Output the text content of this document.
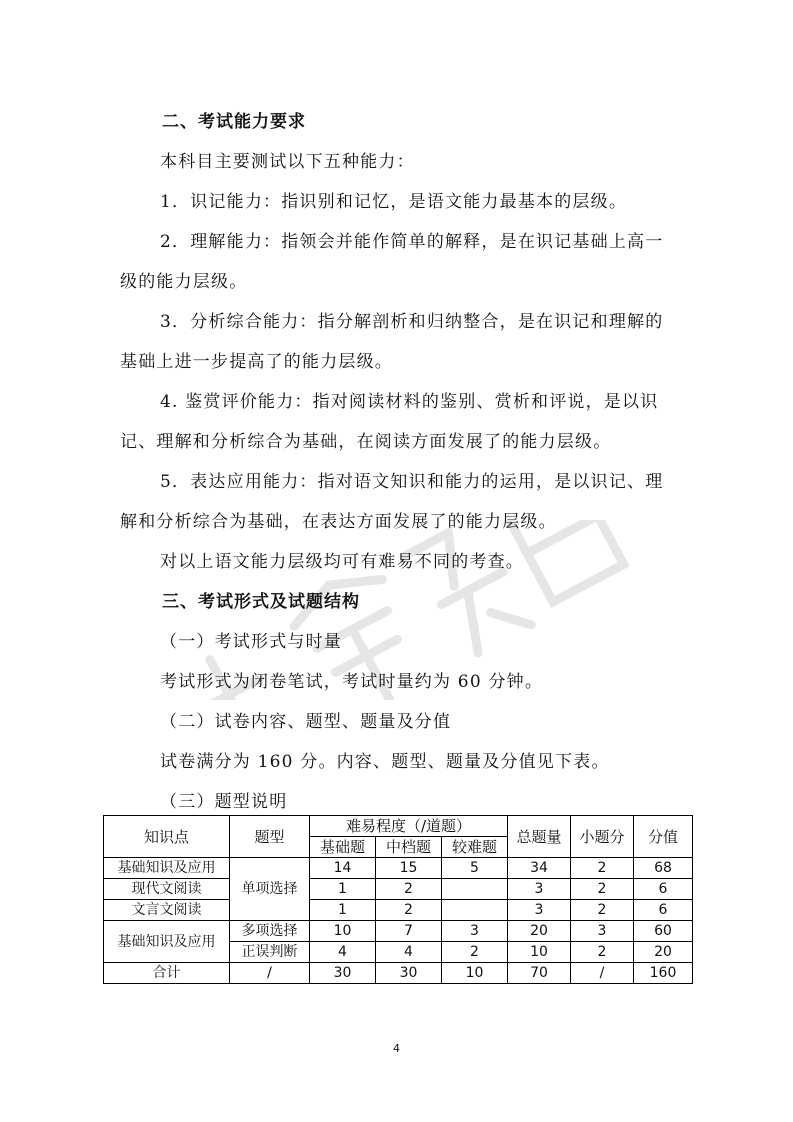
二、考试能力要求
本科目主要测试以下五种能力：
1．识记能力：指识别和记忆，是语文能力最基本的层级。
2．理解能力：指领会并能作简单的解释，是在识记基础上高一
级的能力层级。
3．分析综合能力：指分解剖析和归纳整合，是在识记和理解的
基础上进一步提高了的能力层级。
4. 鉴赏评价能力：指对阅读材料的鉴别、赏析和评说，是以识
记、理解和分析综合为基础，在阅读方面发展了的能力层级。
5．表达应用能力：指对语文知识和能力的运用，是以识记、理
解和分析综合为基础，在表达方面发展了的能力层级。
对以上语文能力层级均可有难易不同的考查。
三、考试形式及试题结构
（一）考试形式与时量
考试形式为闭卷笔试，考试时量约为 60 分钟。
（二）试卷内容、题型、题量及分值
试卷满分为 160 分。内容、题型、题量及分值见下表。
（三）题型说明
知识点	题型	难易程度（/道题）			总题量	小题分	分值
		基础题	中档题	较难题			
基础知识及应用	单项选择	14	15	5	34	2	68
现代文阅读		1	2		3	2	6
文言文阅读		1	2		3	2	6
基础知识及应用	多项选择	10	7	3	20	3	60
	正误判断	4	4	2	10	2	20
合计	/	30	30	10	70	/	160
4
